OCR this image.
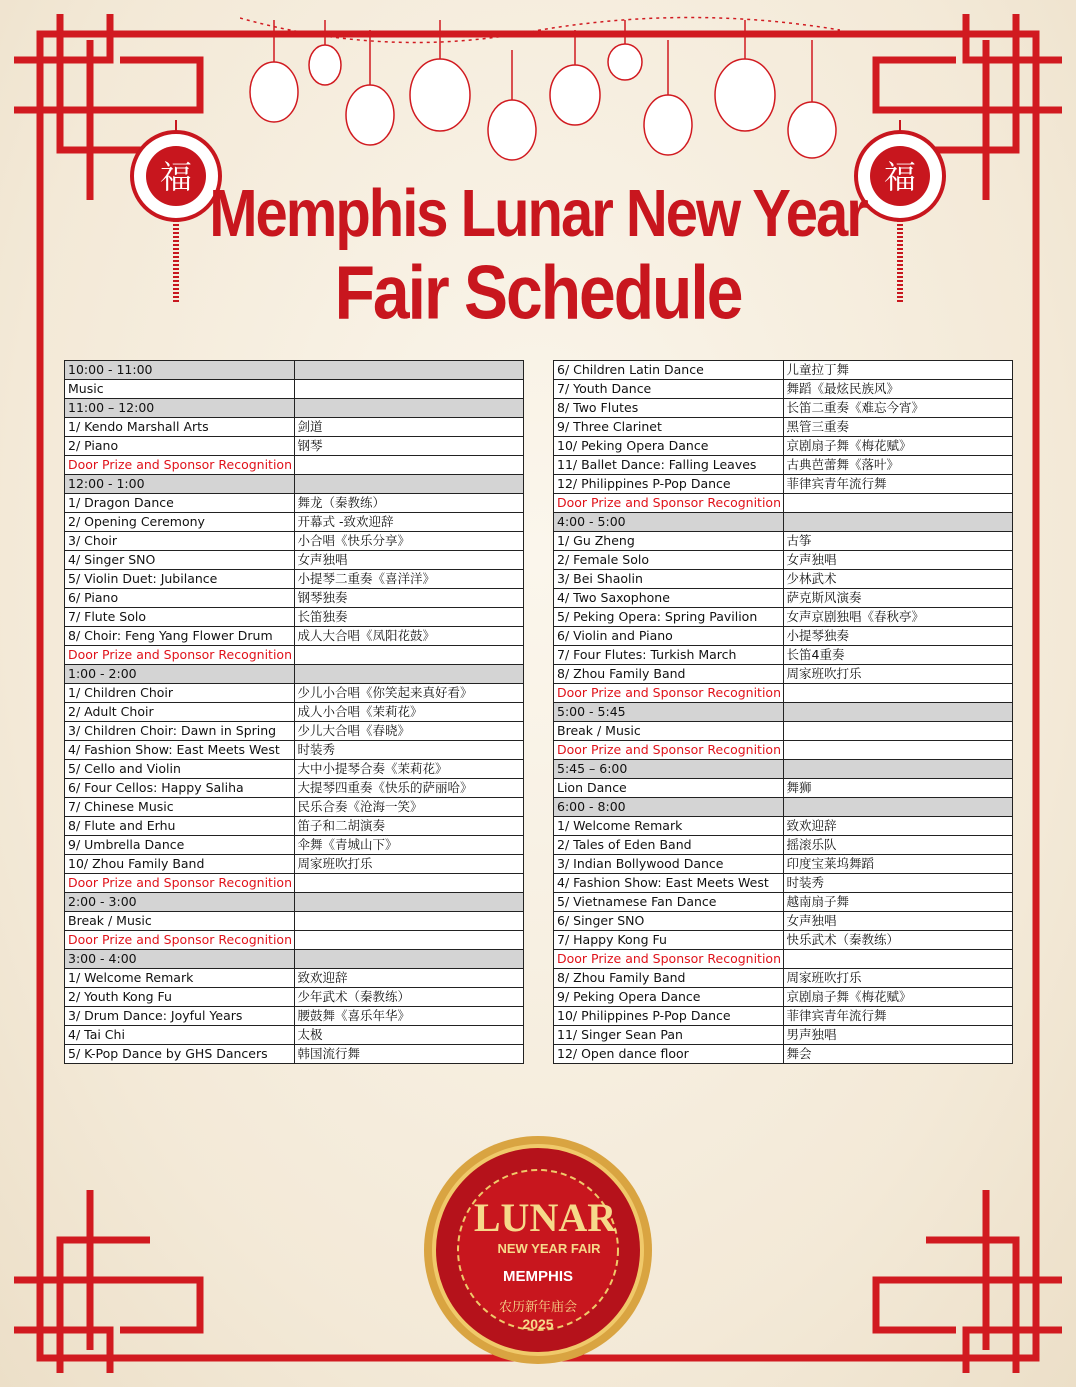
福	福
Memphis Lunar New Year
Fair Schedule
10:00 - 11:00	
Music	
11:00 – 12:00	
1/ Kendo Marshall Arts	剑道
2/ Piano	钢琴
Door Prize and Sponsor Recognition	
12:00 - 1:00	
1/ Dragon Dance	舞龙（秦教练）
2/ Opening Ceremony	开幕式 -致欢迎辞
3/ Choir	小合唱《快乐分享》
4/ Singer SNO	女声独唱
5/ Violin Duet: Jubilance	小提琴二重奏《喜洋洋》
6/ Piano	钢琴独奏
7/ Flute Solo	长笛独奏
8/ Choir: Feng Yang Flower Drum	成人大合唱《凤阳花鼓》
Door Prize and Sponsor Recognition	
1:00 - 2:00	
1/ Children Choir	少儿小合唱《你笑起来真好看》
2/ Adult Choir	成人小合唱《茉莉花》
3/ Children Choir: Dawn in Spring	少儿大合唱《春晓》
4/ Fashion Show: East Meets West	时装秀
5/ Cello and Violin	大中小提琴合奏《茉莉花》
6/ Four Cellos: Happy Saliha	大提琴四重奏《快乐的萨丽哈》
7/ Chinese Music	民乐合奏《沧海一笑》
8/ Flute and Erhu	笛子和二胡演奏
9/ Umbrella Dance	伞舞《青城山下》
10/ Zhou Family Band	周家班吹打乐
Door Prize and Sponsor Recognition	
2:00 - 3:00	
Break / Music	
Door Prize and Sponsor Recognition	
3:00 - 4:00	
1/ Welcome Remark	致欢迎辞
2/ Youth Kong Fu	少年武术（秦教练）
3/ Drum Dance: Joyful Years	腰鼓舞《喜乐年华》
4/ Tai Chi	太极
5/ K-Pop Dance by GHS Dancers	韩国流行舞
6/ Children Latin Dance	儿童拉丁舞
7/ Youth Dance	舞蹈《最炫民族风》
8/ Two Flutes	长笛二重奏《难忘今宵》
9/ Three Clarinet	黑管三重奏
10/ Peking Opera Dance	京剧扇子舞《梅花赋》
11/ Ballet Dance: Falling Leaves	古典芭蕾舞《落叶》
12/ Philippines P-Pop Dance	菲律宾青年流行舞
Door Prize and Sponsor Recognition	
4:00 - 5:00	
1/ Gu Zheng	古筝
2/ Female Solo	女声独唱
3/ Bei Shaolin	少林武术
4/ Two Saxophone	萨克斯风演奏
5/ Peking Opera: Spring Pavilion	女声京剧独唱《春秋亭》
6/ Violin and Piano	小提琴独奏
7/ Four Flutes: Turkish March	长笛4重奏
8/ Zhou Family Band	周家班吹打乐
Door Prize and Sponsor Recognition	
5:00 - 5:45	
Break / Music	
Door Prize and Sponsor Recognition	
5:45 – 6:00	
Lion Dance	舞狮
6:00 - 8:00	
1/ Welcome Remark	致欢迎辞
2/ Tales of Eden Band	摇滚乐队
3/ Indian Bollywood Dance	印度宝莱坞舞蹈
4/ Fashion Show: East Meets West	时装秀
5/ Vietnamese Fan Dance	越南扇子舞
6/ Singer SNO	女声独唱
7/ Happy Kong Fu	快乐武术（秦教练）
Door Prize and Sponsor Recognition	
8/ Zhou Family Band	周家班吹打乐
9/ Peking Opera Dance	京剧扇子舞《梅花赋》
10/ Philippines P-Pop Dance	菲律宾青年流行舞
11/ Singer Sean Pan	男声独唱
12/ Open dance floor	舞会
LUNAR
NEW YEAR FAIR
MEMPHIS
农历新年庙会
2025
